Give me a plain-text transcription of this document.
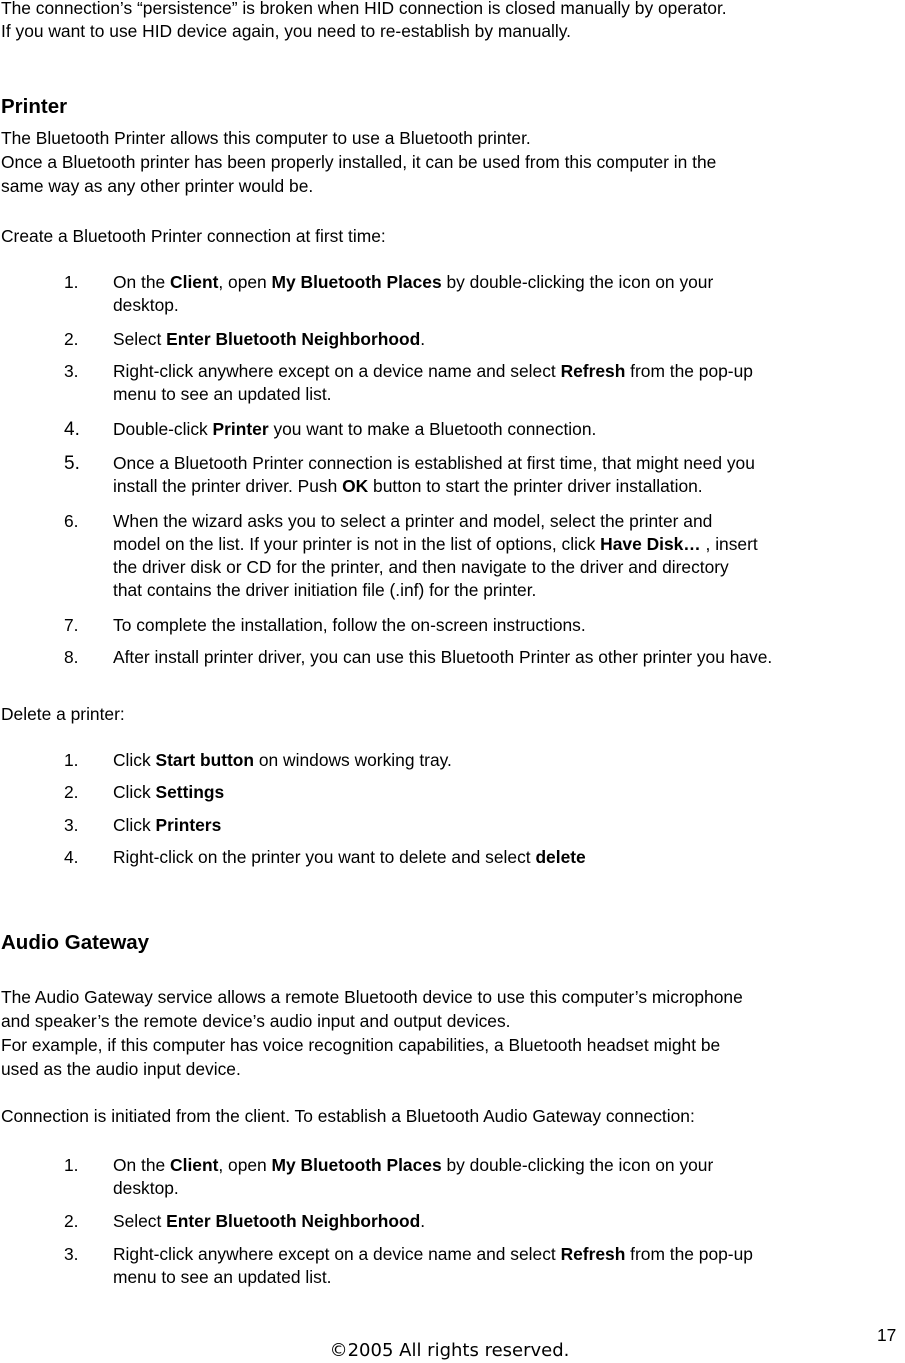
The connection’s “persistence” is broken when HID connection is closed manually by operator.

If you want to use HID device again, you need to re-establish by manually.

Printer

The Bluetooth Printer allows this computer to use a Bluetooth printer.

Once a Bluetooth printer has been properly installed, it can be used from this computer in the

same way as any other printer would be.

Create a Bluetooth Printer connection at first time:

1. On the Client, open My Bluetooth Places by double-clicking the icon on your
desktop.
2. Select Enter Bluetooth Neighborhood.
3. Right-click anywhere except on a device name and select Refresh from the pop-up
menu to see an updated list.
4. Double-click Printer you want to make a Bluetooth connection.
5. Once a Bluetooth Printer connection is established at first time, that might need you
install the printer driver. Push OK button to start the printer driver installation.
6. When the wizard asks you to select a printer and model, select the printer and
model on the list. If your printer is not in the list of options, click Have Disk… , insert
the driver disk or CD for the printer, and then navigate to the driver and directory
that contains the driver initiation file (.inf) for the printer.
7. To complete the installation, follow the on-screen instructions.
8. After install printer driver, you can use this Bluetooth Printer as other printer you have.

Delete a printer:

1. Click Start button on windows working tray.
2. Click Settings
3. Click Printers
4. Right-click on the printer you want to delete and select delete
Audio Gateway

The Audio Gateway service allows a remote Bluetooth device to use this computer’s microphone

and speaker’s the remote device’s audio input and output devices.

For example, if this computer has voice recognition capabilities, a Bluetooth headset might be

used as the audio input device.

Connection is initiated from the client. To establish a Bluetooth Audio Gateway connection:

1. On the Client, open My Bluetooth Places by double-clicking the icon on your
desktop.
2. Select Enter Bluetooth Neighborhood.
3. Right-click anywhere except on a device name and select Refresh from the pop-up
menu to see an updated list.
©2005 All rights reserved.
17
